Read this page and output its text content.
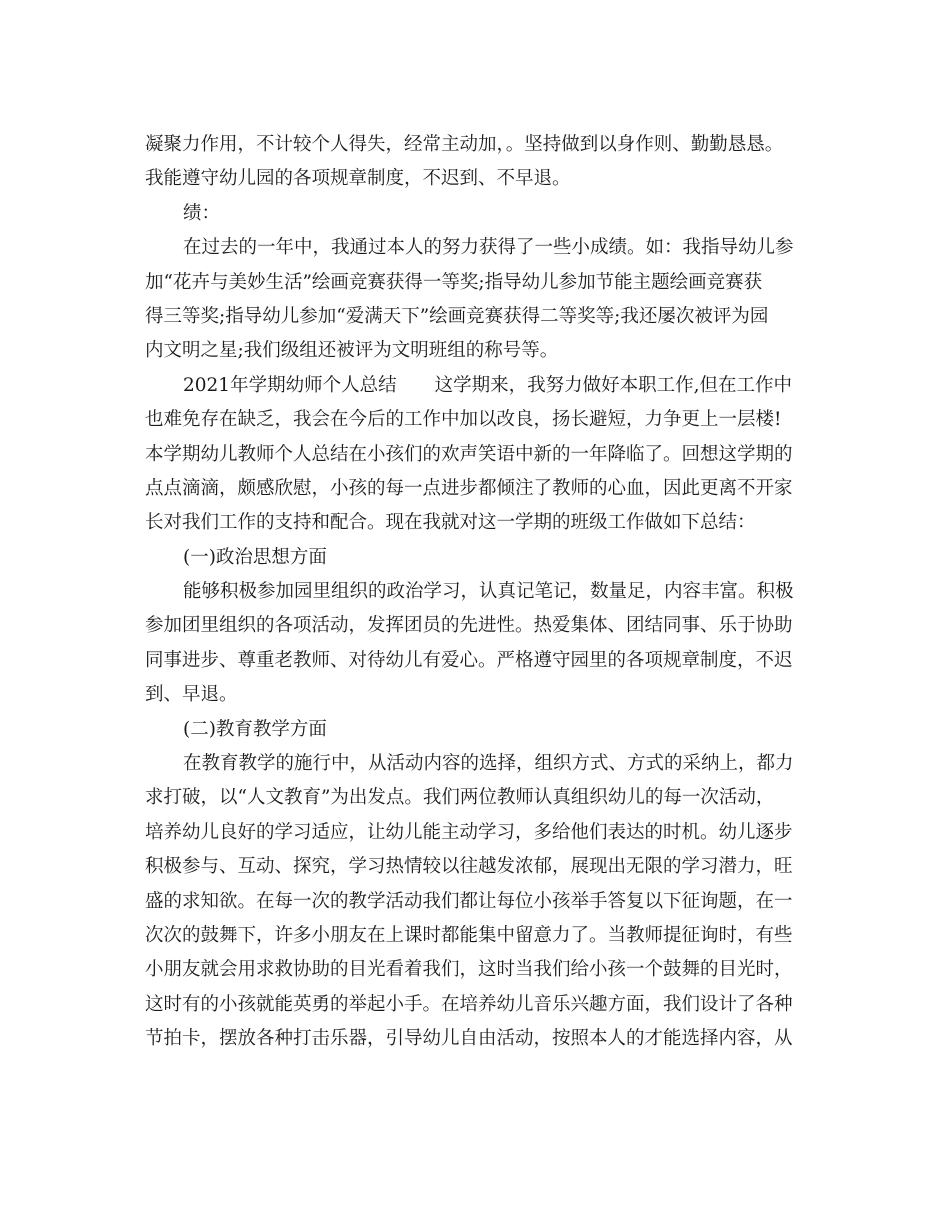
凝聚力作用，不计较个人得失，经常主动加，。坚持做到以身作则、勤勤恳恳。
我能遵守幼儿园的各项规章制度，不迟到、不早退。
绩：
在过去的一年中，我通过本人的努力获得了一些小成绩。如：我指导幼儿参
加“花卉与美妙生活”绘画竞赛获得一等奖;指导幼儿参加节能主题绘画竞赛获
得三等奖;指导幼儿参加“爱满天下”绘画竞赛获得二等奖等;我还屡次被评为园
内文明之星;我们级组还被评为文明班组的称号等。
2021年学期幼师个人总结 这学期来，我努力做好本职工作,但在工作中
也难免存在缺乏，我会在今后的工作中加以改良，扬长避短，力争更上一层楼!
本学期幼儿教师个人总结在小孩们的欢声笑语中新的一年降临了。回想这学期的
点点滴滴，颇感欣慰，小孩的每一点进步都倾注了教师的心血，因此更离不开家
长对我们工作的支持和配合。现在我就对这一学期的班级工作做如下总结：
(一)政治思想方面
能够积极参加园里组织的政治学习，认真记笔记，数量足，内容丰富。积极
参加团里组织的各项活动，发挥团员的先进性。热爱集体、团结同事、乐于协助
同事进步、尊重老教师、对待幼儿有爱心。严格遵守园里的各项规章制度，不迟
到、早退。
(二)教育教学方面
在教育教学的施行中，从活动内容的选择，组织方式、方式的采纳上，都力
求打破，以“人文教育”为出发点。我们两位教师认真组织幼儿的每一次活动，
培养幼儿良好的学习适应，让幼儿能主动学习，多给他们表达的时机。幼儿逐步
积极参与、互动、探究，学习热情较以往越发浓郁，展现出无限的学习潜力，旺
盛的求知欲。在每一次的教学活动我们都让每位小孩举手答复以下征询题，在一
次次的鼓舞下，许多小朋友在上课时都能集中留意力了。当教师提征询时，有些
小朋友就会用求救协助的目光看着我们，这时当我们给小孩一个鼓舞的目光时，
这时有的小孩就能英勇的举起小手。在培养幼儿音乐兴趣方面，我们设计了各种
节拍卡，摆放各种打击乐器，引导幼儿自由活动，按照本人的才能选择内容，从
